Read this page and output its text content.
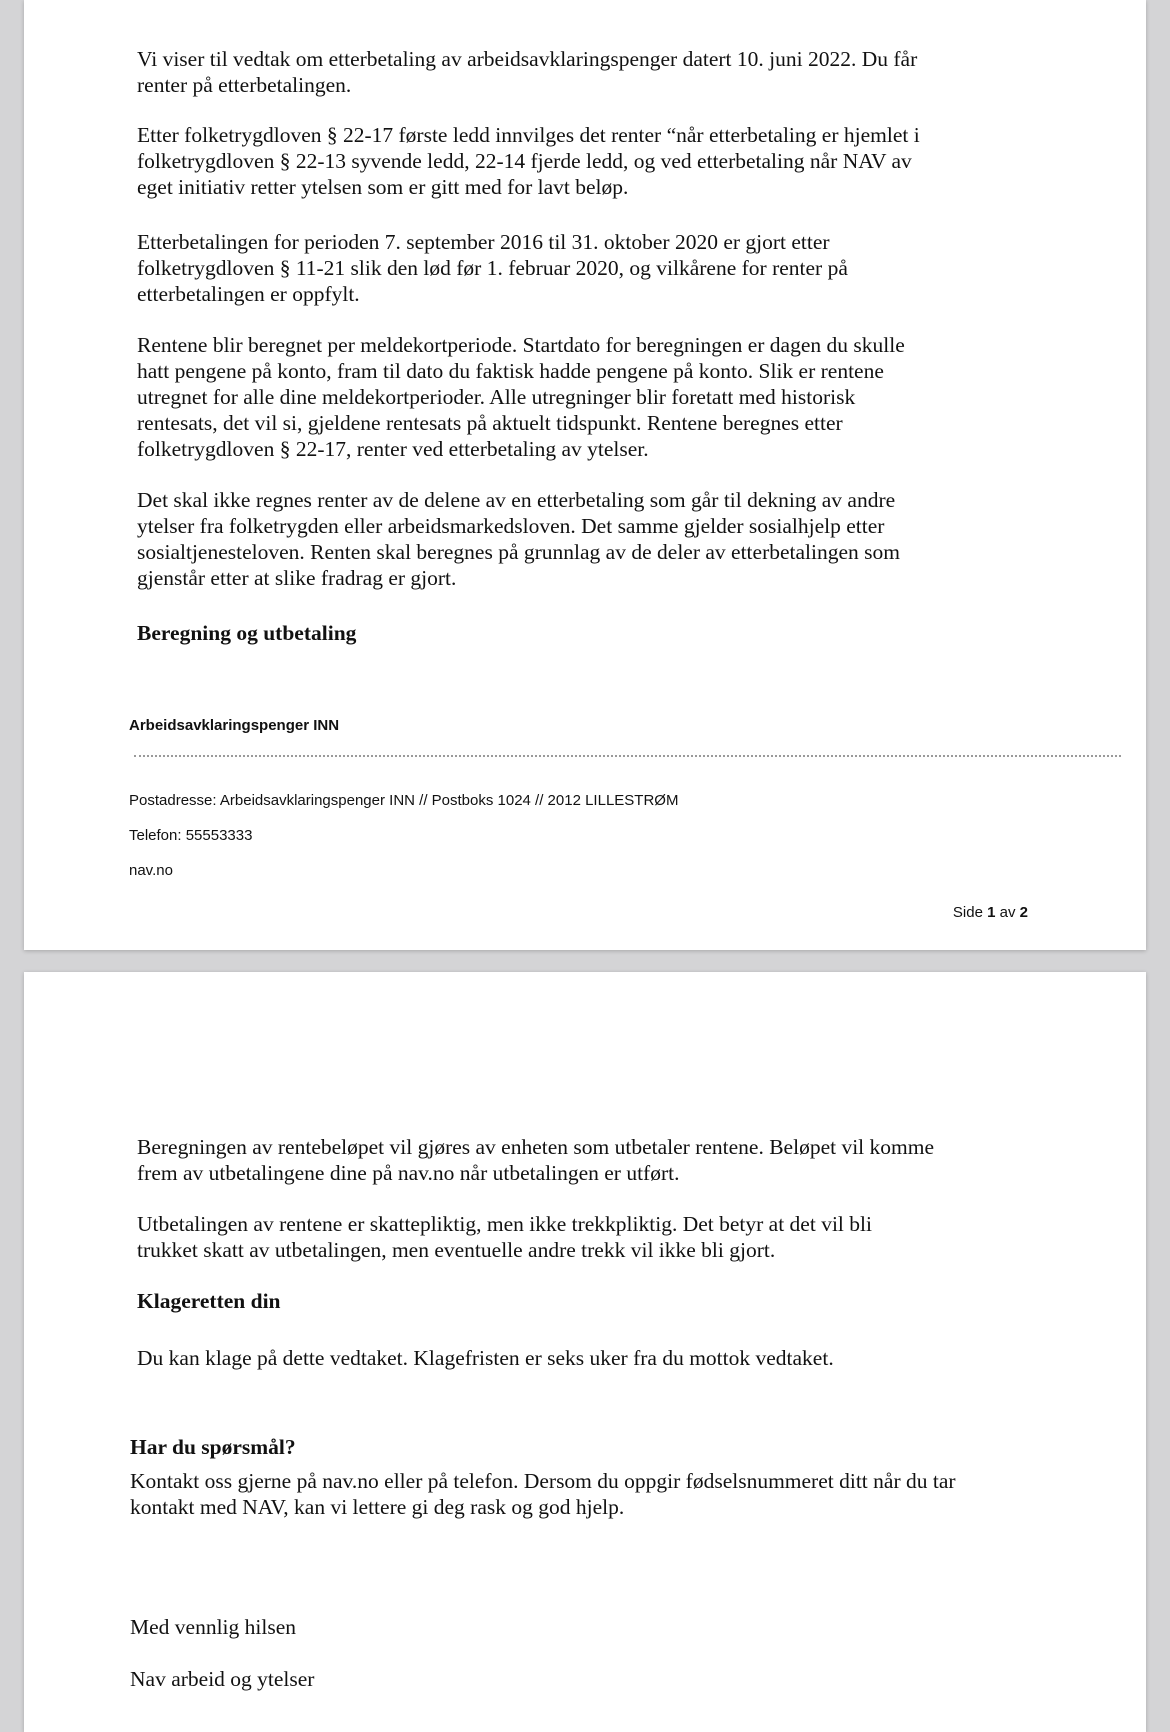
Vi viser til vedtak om etterbetaling av arbeidsavklaringspenger datert 10. juni 2022. Du får
renter på etterbetalingen.

Etter folketrygdloven § 22-17 første ledd innvilges det renter “når etterbetaling er hjemlet i
folketrygdloven § 22-13 syvende ledd, 22-14 fjerde ledd, og ved etterbetaling når NAV av
eget initiativ retter ytelsen som er gitt med for lavt beløp.

Etterbetalingen for perioden 7. september 2016 til 31. oktober 2020 er gjort etter
folketrygdloven § 11-21 slik den lød før 1. februar 2020, og vilkårene for renter på
etterbetalingen er oppfylt.

Rentene blir beregnet per meldekortperiode. Startdato for beregningen er dagen du skulle
hatt pengene på konto, fram til dato du faktisk hadde pengene på konto. Slik er rentene
utregnet for alle dine meldekortperioder. Alle utregninger blir foretatt med historisk
rentesats, det vil si, gjeldene rentesats på aktuelt tidspunkt. Rentene beregnes etter
folketrygdloven § 22-17, renter ved etterbetaling av ytelser.

Det skal ikke regnes renter av de delene av en etterbetaling som går til dekning av andre
ytelser fra folketrygden eller arbeidsmarkedsloven. Det samme gjelder sosialhjelp etter
sosialtjenesteloven. Renten skal beregnes på grunnlag av de deler av etterbetalingen som
gjenstår etter at slike fradrag er gjort.

Beregning og utbetaling

Arbeidsavklaringspenger INN

Postadresse: Arbeidsavklaringspenger INN // Postboks 1024 // 2012 LILLESTRØM

Telefon: 55553333

nav.no

Side 1 av 2

Beregningen av rentebeløpet vil gjøres av enheten som utbetaler rentene. Beløpet vil komme
frem av utbetalingene dine på nav.no når utbetalingen er utført.

Utbetalingen av rentene er skattepliktig, men ikke trekkpliktig. Det betyr at det vil bli
trukket skatt av utbetalingen, men eventuelle andre trekk vil ikke bli gjort.

Klageretten din

Du kan klage på dette vedtaket. Klagefristen er seks uker fra du mottok vedtaket.

Har du spørsmål?

Kontakt oss gjerne på nav.no eller på telefon. Dersom du oppgir fødselsnummeret ditt når du tar
kontakt med NAV, kan vi lettere gi deg rask og god hjelp.

Med vennlig hilsen

Nav arbeid og ytelser
